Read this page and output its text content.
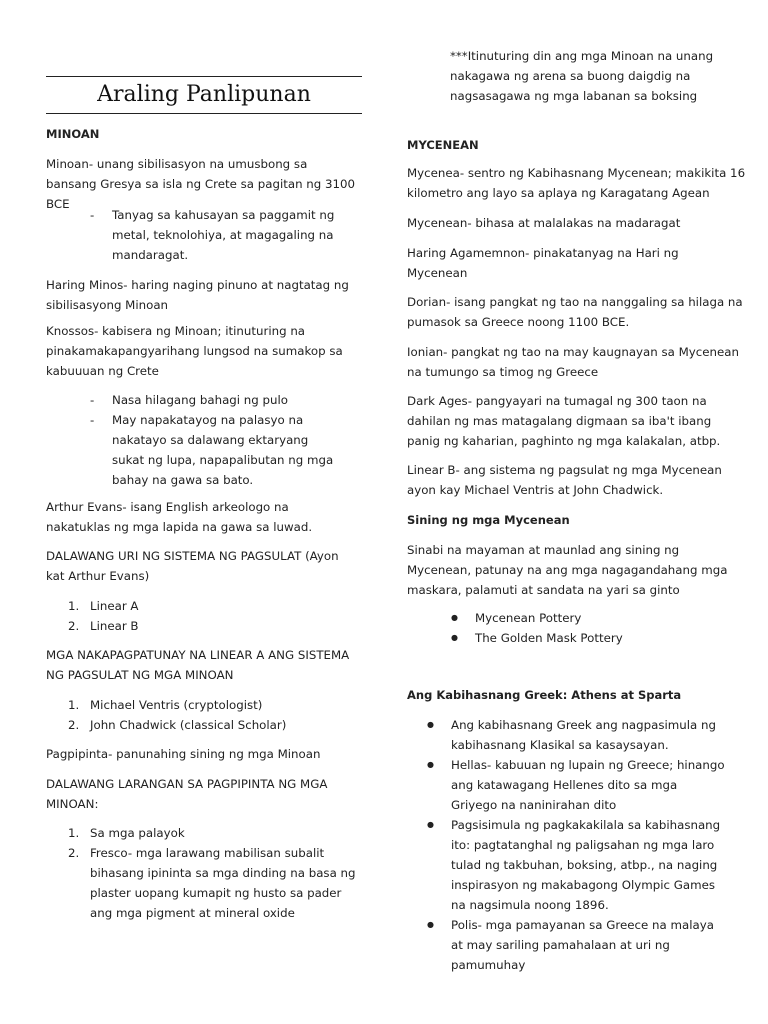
Araling Panlipunan
MINOAN

Minoan- unang sibilisasyon na umusbong sa bansang Gresya sa isla ng Crete sa pagitan ng 3100 BCE

- Tanyag sa kahusayan sa paggamit ng metal, teknolohiya, at magagaling na mandaragat.

Haring Minos- haring naging pinuno at nagtatag ng sibilisasyong Minoan

Knossos- kabisera ng Minoan; itinuturing na pinakamakapangyarihang lungsod na sumakop sa kabuuuan ng Crete

- Nasa hilagang bahagi ng pulo
- May napakatayog na palasyo na nakatayo sa dalawang ektaryang sukat ng lupa, napapalibutan ng mga bahay na gawa sa bato.

Arthur Evans- isang English arkeologo na nakatuklas ng mga lapida na gawa sa luwad.

DALAWANG URI NG SISTEMA NG PAGSULAT (Ayon kat Arthur Evans)

1. Linear A
2. Linear B

MGA NAKAPAGPATUNAY NA LINEAR A ANG SISTEMA NG PAGSULAT NG MGA MINOAN

1. Michael Ventris (cryptologist)
2. John Chadwick (classical Scholar)

Pagpipinta- panunahing sining ng mga Minoan

DALAWANG LARANGAN SA PAGPIPINTA NG MGA MINOAN:

1. Sa mga palayok
2. Fresco- mga larawang mabilisan subalit bihasang ipininta sa mga dinding na basa ng plaster uopang kumapit ng husto sa pader ang mga pigment at mineral oxide

***Itinuturing din ang mga Minoan na unang nakagawa ng arena sa buong daigdig na nagsasagawa ng mga labanan sa boksing

MYCENEAN

Mycenea- sentro ng Kabihasnang Mycenean; makikita 16 kilometro ang layo sa aplaya ng Karagatang Agean

Mycenean- bihasa at malalakas na madaragat

Haring Agamemnon- pinakatanyag na Hari ng Mycenean

Dorian- isang pangkat ng tao na nanggaling sa hilaga na pumasok sa Greece noong 1100 BCE.

Ionian- pangkat ng tao na may kaugnayan sa Mycenean na tumungo sa timog ng Greece

Dark Ages- pangyayari na tumagal ng 300 taon na dahilan ng mas matagalang digmaan sa iba't ibang panig ng kaharian, paghinto ng mga kalakalan, atbp.

Linear B- ang sistema ng pagsulat ng mga Mycenean ayon kay Michael Ventris at John Chadwick.

Sining ng mga Mycenean

Sinabi na mayaman at maunlad ang sining ng Mycenean, patunay na ang mga nagagandahang mga maskara, palamuti at sandata na yari sa ginto

● Mycenean Pottery
● The Golden Mask Pottery
Ang Kabihasnang Greek: Athens at Sparta
● Ang kabihasnang Greek ang nagpasimula ng kabihasnang Klasikal sa kasaysayan.
● Hellas- kabuuan ng lupain ng Greece; hinango ang katawagang Hellenes dito sa mga Griyego na naninirahan dito
● Pagsisimula ng pagkakakilala sa kabihasnang ito: pagtatanghal ng paligsahan ng mga laro tulad ng takbuhan, boksing, atbp., na naging inspirasyon ng makabagong Olympic Games na nagsimula noong 1896.
● Polis- mga pamayanan sa Greece na malaya at may sariling pamahalaan at uri ng pamumuhay
